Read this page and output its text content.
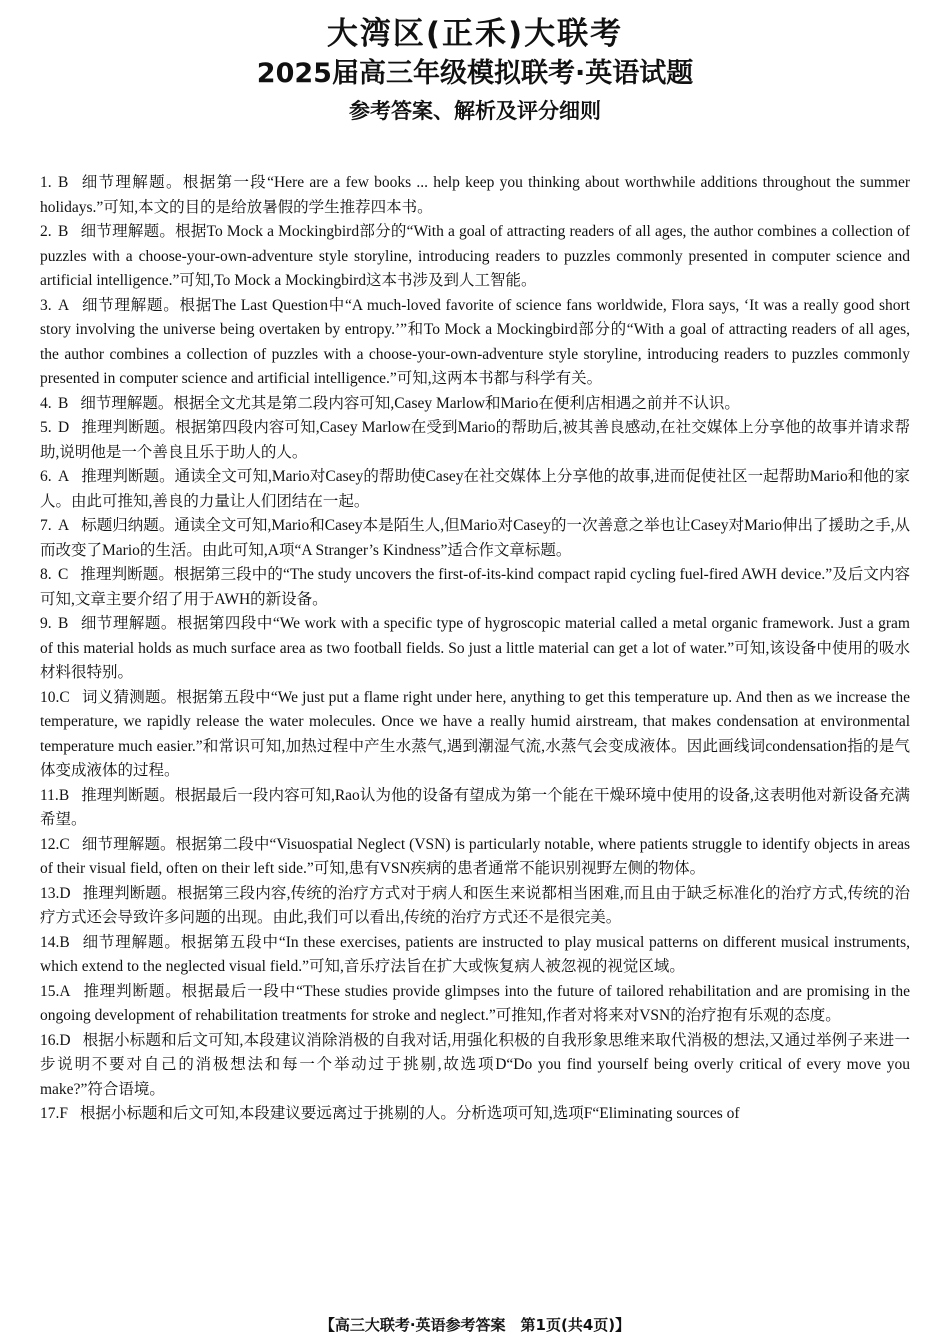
大湾区(正禾)大联考
2025届高三年级模拟联考·英语试题
参考答案、解析及评分细则

1. B 细节理解题。根据第一段“Here are a few books ... help keep you thinking about worthwhile additions throughout the summer holidays.”可知,本文的目的是给放暑假的学生推荐四本书。

2. B 细节理解题。根据To Mock a Mockingbird部分的“With a goal of attracting readers of all ages, the author combines a collection of puzzles with a choose-your-own-adventure style storyline, introducing readers to puzzles commonly presented in computer science and artificial intelligence.”可知,To Mock a Mockingbird这本书涉及到人工智能。

3. A 细节理解题。根据The Last Question中“A much-loved favorite of science fans worldwide, Flora says, ‘It was a really good short story involving the universe being overtaken by entropy.’”和To Mock a Mockingbird部分的“With a goal of attracting readers of all ages, the author combines a collection of puzzles with a choose-your-own-adventure style storyline, introducing readers to puzzles commonly presented in computer science and artificial intelligence.”可知,这两本书都与科学有关。

4. B 细节理解题。根据全文尤其是第二段内容可知,Casey Marlow和Mario在便利店相遇之前并不认识。

5. D 推理判断题。根据第四段内容可知,Casey Marlow在受到Mario的帮助后,被其善良感动,在社交媒体上分享他的故事并请求帮助,说明他是一个善良且乐于助人的人。

6. A 推理判断题。通读全文可知,Mario对Casey的帮助使Casey在社交媒体上分享他的故事,进而促使社区一起帮助Mario和他的家人。由此可推知,善良的力量让人们团结在一起。

7. A 标题归纳题。通读全文可知,Mario和Casey本是陌生人,但Mario对Casey的一次善意之举也让Casey对Mario伸出了援助之手,从而改变了Mario的生活。由此可知,A项“A Stranger’s Kindness”适合作文章标题。

8. C 推理判断题。根据第三段中的“The study uncovers the first-of-its-kind compact rapid cycling fuel-fired AWH device.”及后文内容可知,文章主要介绍了用于AWH的新设备。

9. B 细节理解题。根据第四段中“We work with a specific type of hygroscopic material called a metal organic framework. Just a gram of this material holds as much surface area as two football fields. So just a little material can get a lot of water.”可知,该设备中使用的吸水材料很特别。

10.C 词义猜测题。根据第五段中“We just put a flame right under here, anything to get this temperature up. And then as we increase the temperature, we rapidly release the water molecules. Once we have a really humid airstream, that makes condensation at environmental temperature much easier.”和常识可知,加热过程中产生水蒸气,遇到潮湿气流,水蒸气会变成液体。因此画线词condensation指的是气体变成液体的过程。

11.B 推理判断题。根据最后一段内容可知,Rao认为他的设备有望成为第一个能在干燥环境中使用的设备,这表明他对新设备充满希望。

12.C 细节理解题。根据第二段中“Visuospatial Neglect (VSN) is particularly notable, where patients struggle to identify objects in areas of their visual field, often on their left side.”可知,患有VSN疾病的患者通常不能识别视野左侧的物体。

13.D 推理判断题。根据第三段内容,传统的治疗方式对于病人和医生来说都相当困难,而且由于缺乏标准化的治疗方式,传统的治疗方式还会导致许多问题的出现。由此,我们可以看出,传统的治疗方式还不是很完美。

14.B 细节理解题。根据第五段中“In these exercises, patients are instructed to play musical patterns on different musical instruments, which extend to the neglected visual field.”可知,音乐疗法旨在扩大或恢复病人被忽视的视觉区域。

15.A 推理判断题。根据最后一段中“These studies provide glimpses into the future of tailored rehabilitation and are promising in the ongoing development of rehabilitation treatments for stroke and neglect.”可推知,作者对将来对VSN的治疗抱有乐观的态度。

16.D 根据小标题和后文可知,本段建议消除消极的自我对话,用强化积极的自我形象思维来取代消极的想法,又通过举例子来进一步说明不要对自己的消极想法和每一个举动过于挑剔,故选项D“Do you find yourself being overly critical of every move you make?”符合语境。

17.F 根据小标题和后文可知,本段建议要远离过于挑剔的人。分析选项可知,选项F“Eliminating sources of

【高三大联考·英语参考答案　第1页(共4页)】
